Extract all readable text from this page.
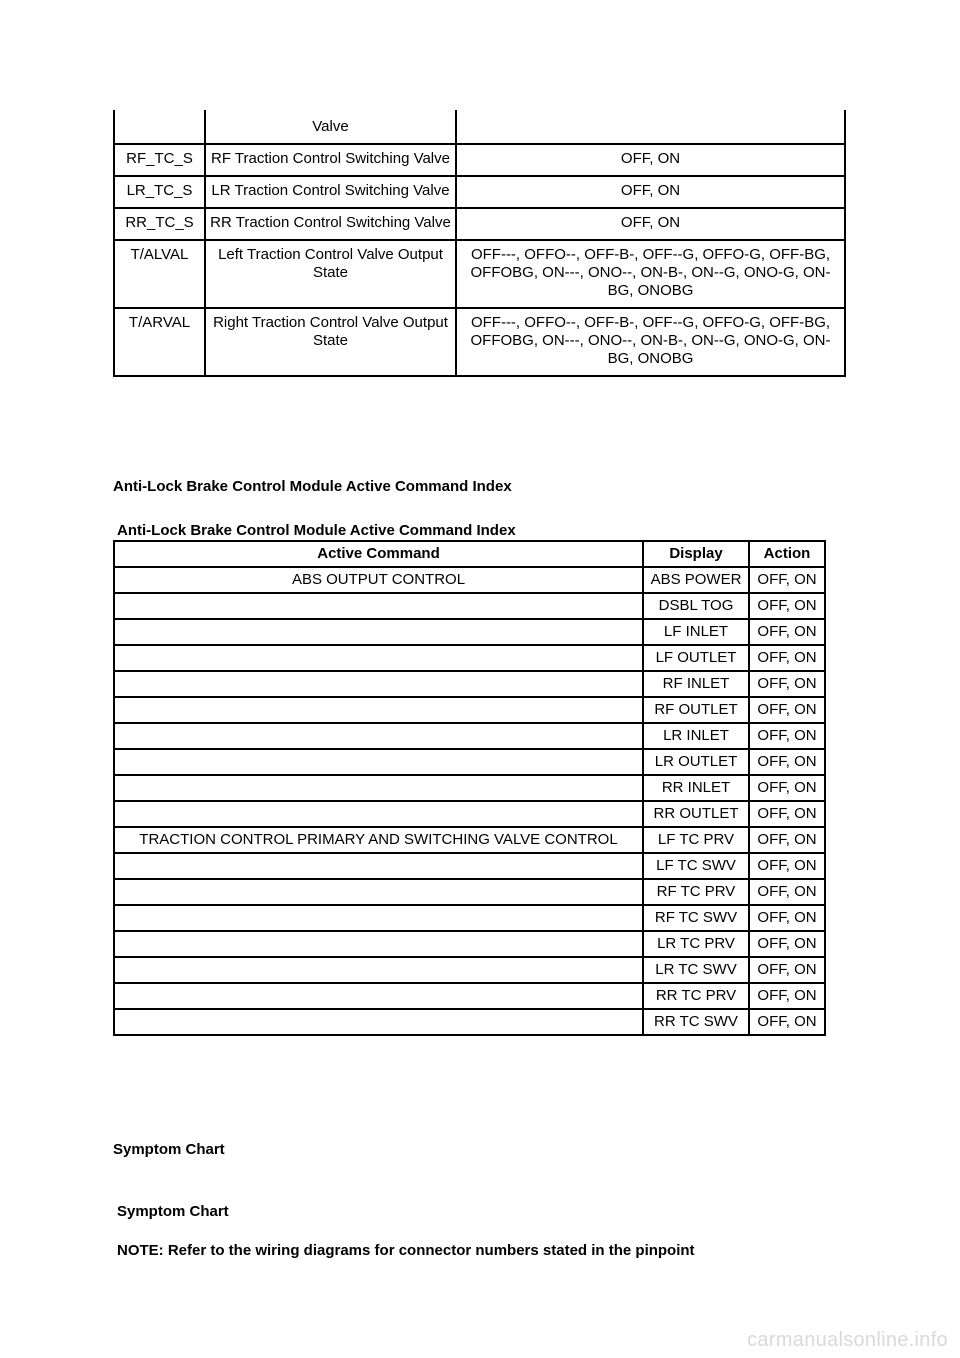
	Valve	
RF_TC_S	RF Traction Control Switching Valve	OFF, ON
LR_TC_S	LR Traction Control Switching Valve	OFF, ON
RR_TC_S	RR Traction Control Switching Valve	OFF, ON
T/ALVAL	Left Traction Control Valve Output State	OFF---, OFFO--, OFF-B-, OFF--G, OFFO-G, OFF-BG, OFFOBG, ON---, ONO--, ON-B-, ON--G, ONO-G, ON-BG, ONOBG
T/ARVAL	Right Traction Control Valve Output State	OFF---, OFFO--, OFF-B-, OFF--G, OFFO-G, OFF-BG, OFFOBG, ON---, ONO--, ON-B-, ON--G, ONO-G, ON-BG, ONOBG
Anti-Lock Brake Control Module Active Command Index
Anti-Lock Brake Control Module Active Command Index
Active Command	Display	Action
ABS OUTPUT CONTROL	ABS POWER	OFF, ON
	DSBL TOG	OFF, ON
	LF INLET	OFF, ON
	LF OUTLET	OFF, ON
	RF INLET	OFF, ON
	RF OUTLET	OFF, ON
	LR INLET	OFF, ON
	LR OUTLET	OFF, ON
	RR INLET	OFF, ON
	RR OUTLET	OFF, ON
TRACTION CONTROL PRIMARY AND SWITCHING VALVE CONTROL	LF TC PRV	OFF, ON
	LF TC SWV	OFF, ON
	RF TC PRV	OFF, ON
	RF TC SWV	OFF, ON
	LR TC PRV	OFF, ON
	LR TC SWV	OFF, ON
	RR TC PRV	OFF, ON
	RR TC SWV	OFF, ON
Symptom Chart
Symptom Chart
NOTE: Refer to the wiring diagrams for connector numbers stated in the pinpoint
carmanualsonline.info
